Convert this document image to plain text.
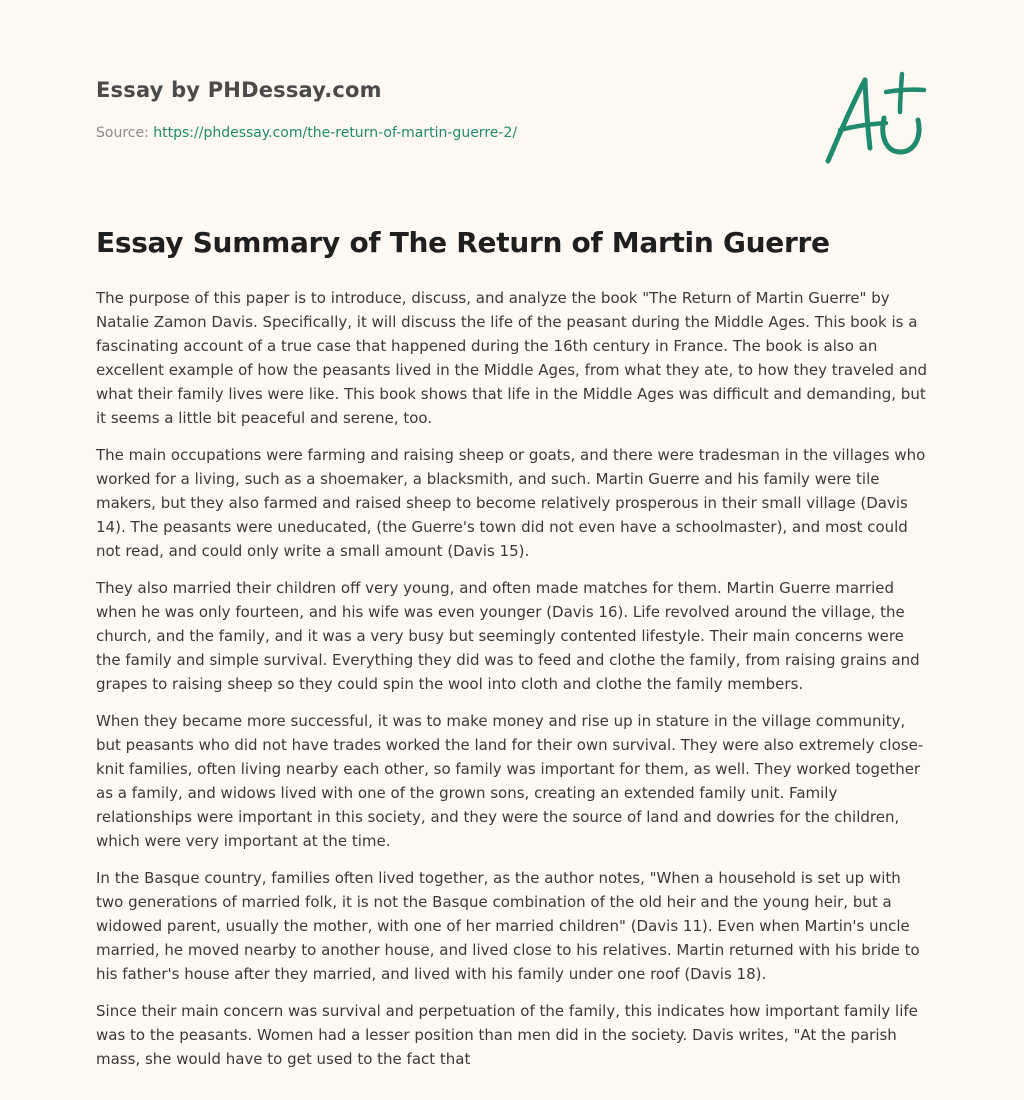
Essay by PHDessay.com
Source: https://phdessay.com/the-return-of-martin-guerre-2/
Essay Summary of The Return of Martin Guerre

The purpose of this paper is to introduce, discuss, and analyze the book "The Return of Martin Guerre" by Natalie Zamon Davis. Specifically, it will discuss the life of the peasant during the Middle Ages. This book is a fascinating account of a true case that happened during the 16th century in France. The book is also an excellent example of how the peasants lived in the Middle Ages, from what they ate, to how they traveled and what their family lives were like. This book shows that life in the Middle Ages was difficult and demanding, but it seems a little bit peaceful and serene, too.

The main occupations were farming and raising sheep or goats, and there were tradesman in the villages who worked for a living, such as a shoemaker, a blacksmith, and such. Martin Guerre and his family were tile makers, but they also farmed and raised sheep to become relatively prosperous in their small village (Davis 14). The peasants were uneducated, (the Guerre's town did not even have a schoolmaster), and most could not read, and could only write a small amount (Davis 15).

They also married their children off very young, and often made matches for them. Martin Guerre married when he was only fourteen, and his wife was even younger (Davis 16). Life revolved around the village, the church, and the family, and it was a very busy but seemingly contented lifestyle. Their main concerns were the family and simple survival. Everything they did was to feed and clothe the family, from raising grains and grapes to raising sheep so they could spin the wool into cloth and clothe the family members.

When they became more successful, it was to make money and rise up in stature in the village community, but peasants who did not have trades worked the land for their own survival. They were also extremely close-knit families, often living nearby each other, so family was important for them, as well. They worked together as a family, and widows lived with one of the grown sons, creating an extended family unit. Family relationships were important in this society, and they were the source of land and dowries for the children, which were very important at the time.

In the Basque country, families often lived together, as the author notes, "When a household is set up with two generations of married folk, it is not the Basque combination of the old heir and the young heir, but a widowed parent, usually the mother, with one of her married children" (Davis 11). Even when Martin's uncle married, he moved nearby to another house, and lived close to his relatives. Martin returned with his bride to his father's house after they married, and lived with his family under one roof (Davis 18).

Since their main concern was survival and perpetuation of the family, this indicates how important family life was to the peasants. Women had a lesser position than men did in the society. Davis writes, "At the parish mass, she would have to get used to the fact that
